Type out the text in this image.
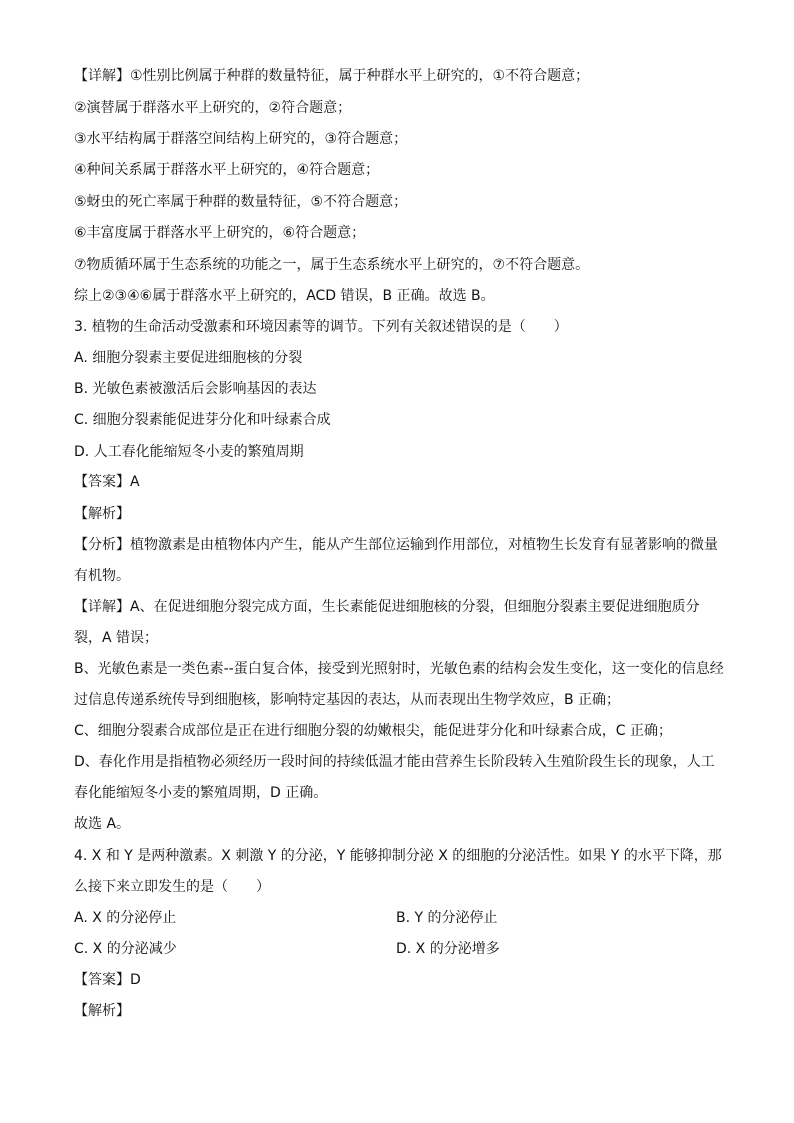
【详解】①性别比例属于种群的数量特征，属于种群水平上研究的，①不符合题意；
②演替属于群落水平上研究的，②符合题意；
③水平结构属于群落空间结构上研究的，③符合题意；
④种间关系属于群落水平上研究的，④符合题意；
⑤蚜虫的死亡率属于种群的数量特征，⑤不符合题意；
⑥丰富度属于群落水平上研究的，⑥符合题意；
⑦物质循环属于生态系统的功能之一，属于生态系统水平上研究的，⑦不符合题意。
综上②③④⑥属于群落水平上研究的，ACD 错误，B 正确。故选 B。
3. 植物的生命活动受激素和环境因素等的调节。下列有关叙述错误的是（　　）
A. 细胞分裂素主要促进细胞核的分裂
B. 光敏色素被激活后会影响基因的表达
C. 细胞分裂素能促进芽分化和叶绿素合成
D. 人工春化能缩短冬小麦的繁殖周期
【答案】A
【解析】
【分析】植物激素是由植物体内产生，能从产生部位运输到作用部位，对植物生长发育有显著影响的微量
有机物。
【详解】A、在促进细胞分裂完成方面，生长素能促进细胞核的分裂，但细胞分裂素主要促进细胞质分
裂，A 错误；
B、光敏色素是一类色素--蛋白复合体，接受到光照射时，光敏色素的结构会发生变化，这一变化的信息经
过信息传递系统传导到细胞核，影响特定基因的表达，从而表现出生物学效应，B 正确；
C、细胞分裂素合成部位是正在进行细胞分裂的幼嫩根尖，能促进芽分化和叶绿素合成，C 正确；
D、春化作用是指植物必须经历一段时间的持续低温才能由营养生长阶段转入生殖阶段生长的现象，人工
春化能缩短冬小麦的繁殖周期，D 正确。
故选 A。
4. X 和 Y 是两种激素。X 刺激 Y 的分泌，Y 能够抑制分泌 X 的细胞的分泌活性。如果 Y 的水平下降，那
么接下来立即发生的是（　　）
A. X 的分泌停止	B. Y 的分泌停止
C. X 的分泌减少	D. X 的分泌增多
【答案】D
【解析】
